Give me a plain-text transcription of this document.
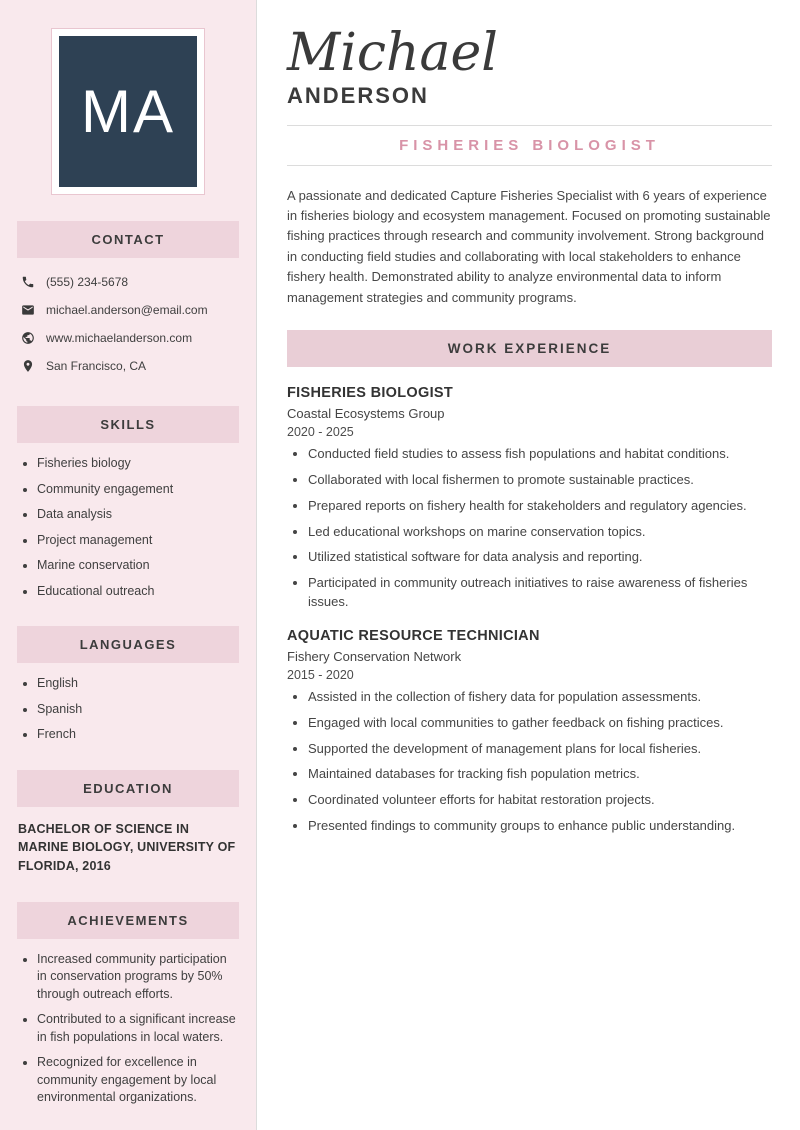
MA
CONTACT
(555) 234-5678
michael.anderson@email.com
www.michaelanderson.com
San Francisco, CA
SKILLS
• Fisheries biology
• Community engagement
• Data analysis
• Project management
• Marine conservation
• Educational outreach
LANGUAGES
• English
• Spanish
• French
EDUCATION
BACHELOR OF SCIENCE IN MARINE BIOLOGY, UNIVERSITY OF FLORIDA, 2016
ACHIEVEMENTS
• Increased community participation in conservation programs by 50% through outreach efforts.
• Contributed to a significant increase in fish populations in local waters.
• Recognized for excellence in community engagement by local environmental organizations.
Michael
ANDERSON
FISHERIES BIOLOGIST

A passionate and dedicated Capture Fisheries Specialist with 6 years of experience in fisheries biology and ecosystem management. Focused on promoting sustainable fishing practices through research and community involvement. Strong background in conducting field studies and collaborating with local stakeholders to enhance fishery health. Demonstrated ability to analyze environmental data to inform management strategies and community programs.

WORK EXPERIENCE
FISHERIES BIOLOGIST
Coastal Ecosystems Group
2020 - 2025
• Conducted field studies to assess fish populations and habitat conditions.
• Collaborated with local fishermen to promote sustainable practices.
• Prepared reports on fishery health for stakeholders and regulatory agencies.
• Led educational workshops on marine conservation topics.
• Utilized statistical software for data analysis and reporting.
• Participated in community outreach initiatives to raise awareness of fisheries issues.
AQUATIC RESOURCE TECHNICIAN
Fishery Conservation Network
2015 - 2020
• Assisted in the collection of fishery data for population assessments.
• Engaged with local communities to gather feedback on fishing practices.
• Supported the development of management plans for local fisheries.
• Maintained databases for tracking fish population metrics.
• Coordinated volunteer efforts for habitat restoration projects.
• Presented findings to community groups to enhance public understanding.
